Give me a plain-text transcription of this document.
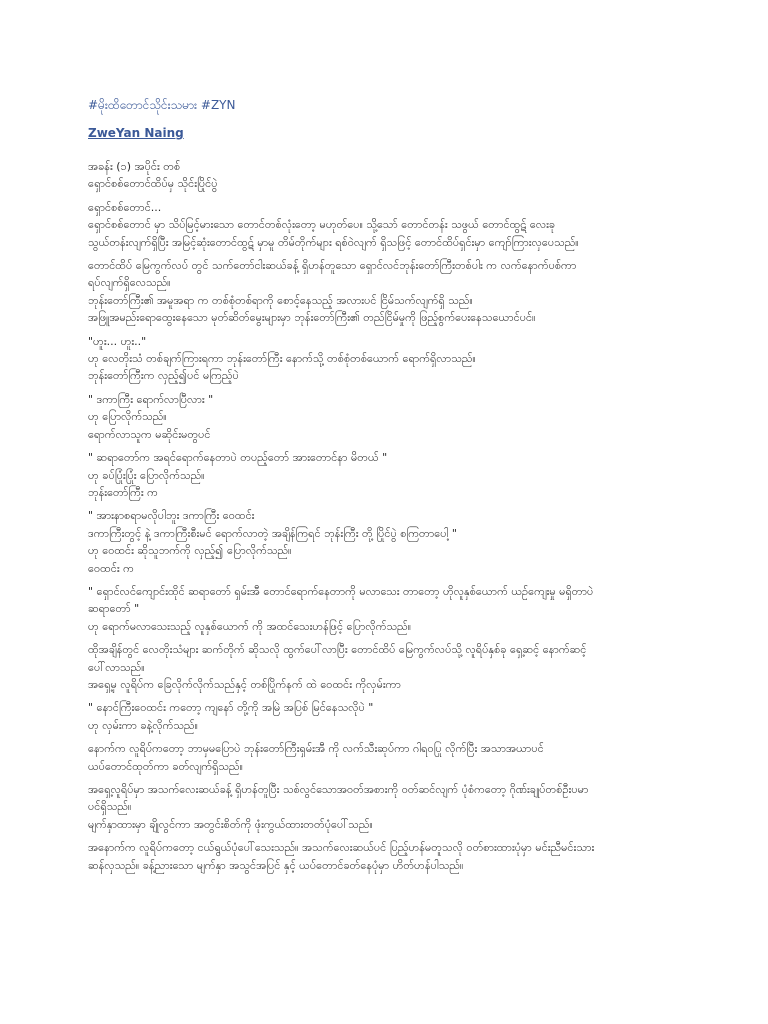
#မိုးထိတောင်သိုင်းသမား #ZYN
ZweYan Naing
အခန်း (၁) အပိုင်း တစ်
ရှောင်စစ်တောင်ထိပ်မှ သိုင်းပြိုင်ပွဲ
ရှောင်စစ်တောင်...
ရှောင်စစ်တောင် မှာ သိပ်မြင့်မားသော တောင်တစ်လုံးတော့ မဟုတ်ပေ။ သို့သော် တောင်တန်း သဖွယ် တောင်ထွဋ် လေးခု
သွယ်တန်းလျက်ရှိပြီး အမြင့်ဆုံးတောင်ထွဋ် မှာမူ တိမ်တိုက်များ ရစ်ဝဲလျက် ရှိသဖြင့် တောင်ထိပ်ရှင်းမှာ ကျော်ကြားလှပေသည်။
တောင်ထိပ် မြေကွက်လပ် တွင် သက်တော်ငါးဆယ်ခန့် ရှိဟန်တူသော ရှောင်လင်ဘုန်းတော်ကြီးတစ်ပါး က လက်နောက်ပစ်ကာ
ရပ်လျက်ရှိလေသည်။
ဘုန်းတော်ကြီး၏ အမူအရာ က တစ်စုံတစ်ရာကို စောင့်နေသည့် အလားပင် ငြိမ်သက်လျက်ရှိ သည်။
အဖြူအမည်းရောထွေးနေသော မုတ်ဆိတ်မွေးများမှာ ဘုန်းတော်ကြီး၏ တည်ငြိမ်မှုကို ဖြည့်စွက်ပေးနေသယောင်ပင်။
"ဟူး... ဟူး.."
ဟု လေတိုးသံ တစ်ချက်ကြားရကာ ဘုန်းတော်ကြီး နောက်သို့ တစ်စုံတစ်ယောက် ရောက်ရှိလာသည်။
ဘုန်းတော်ကြီးက လှည့်၍ပင် မကြည့်ပဲ
" ဒကာကြီး ရောက်လာပြီလား "
ဟု ပြောလိုက်သည်။
ရောက်လာသူက မဆိုင်းမတွပင်
" ဆရာတော်က အရင်ရောက်နေတာပဲ တပည့်တော် အားတောင်နာ မိတယ် "
ဟု ခပ်ပြုံးပြုံး ပြောလိုက်သည်။
ဘုန်းတော်ကြီး က
" အားနာစရာမလိုပါဘူး ဒကာကြီး ဝေထင်း
ဒကာကြီးတွင့် နဲ့ ဒကာကြီးစီးမင် ရောက်လာတဲ့ အချိန်ကြရင် ဘုန်းကြီး တို့ ပြိုင်ပွဲ စကြတာပေါ့ "
ဟု ဝေထင်း ဆိုသူဘက်ကို လှည့်၍ ပြောလိုက်သည်။
ဝေထင်း က
" ရှောင်လင်ကျောင်းထိုင် ဆရာတော် ရှမ်းအီ တောင်ရောက်နေတာကို မလာသေး တာတော့ ဟိုလူနှစ်ယောက် ယဉ်ကျေးမှု မရှိတာပဲ
ဆရာတော် "
ဟု ရောက်မလာသေးသည့် လူနှစ်ယောက် ကို အထင်သေးဟန်ဖြင့် ပြောလိုက်သည်။
ထိုအချိန်တွင် လေတိုးသံများ ဆက်တိုက် ဆိုသလို ထွက်ပေါ်လာပြီး တောင်ထိပ် မြေကွက်လပ်သို့ လူရိပ်နှစ်ခု ရှေ့ဆင့် နောက်ဆင့်
ပေါ်လာသည်။
အရှေ့မှ လူရိပ်က ခြေလိုက်လိုက်သည်နှင့် တစ်ပြိုက်နက် ထဲ ဝေထင်း ကိုလှမ်းကာ
" နောင်ကြီးဝေထင်း ကတော့ ကျနော် တို့ကို အမြဲ အပြစ် မြင်နေသလိုပဲ "
ဟု လှမ်းကာ ခနဲ့လိုက်သည်။
နောက်က လူရိပ်ကတော့ ဘာမှမပြောပဲ ဘုန်းတော်ကြီးရှမ်းအီ ကို လက်သီးဆုပ်ကာ ဂါရဝပြု လိုက်ပြီး အသာအယာပင်
ယပ်တောင်ထုတ်ကာ ခတ်လျက်ရှိသည်။
အရှေ့လူရိပ်မှာ အသက်လေးဆယ်ခန့် ရှိဟန်တူပြီး သစ်လွင်သောအဝတ်အစားကို ဝတ်ဆင်လျက် ပုံစံကတော့ ဂိုဏ်းချုပ်တစ်ဦးပမာ
ပင်ရှိသည်။
မျက်နှာထားမှာ ချိုလွင်ကာ အတွင်းစိတ်ကို ဖုံးကွယ်ထားတတ်ပုံပေါ်သည်။
အနောက်က လူရိပ်ကတော့ ငယ်ရွယ်ပုံပေါ်သေးသည်။ အသက်လေးဆယ်ပင် ပြည့်ဟန်မတူသလို ဝတ်စားထားပုံမှာ မင်းညီမင်းသား
ဆန်လှသည်။ ခန့်ညားသော မျက်နှာ အသွင်အပြင် နှင့် ယပ်တောင်ခတ်နေပုံမှာ ဟိတ်ဟန်ပါသည်။
